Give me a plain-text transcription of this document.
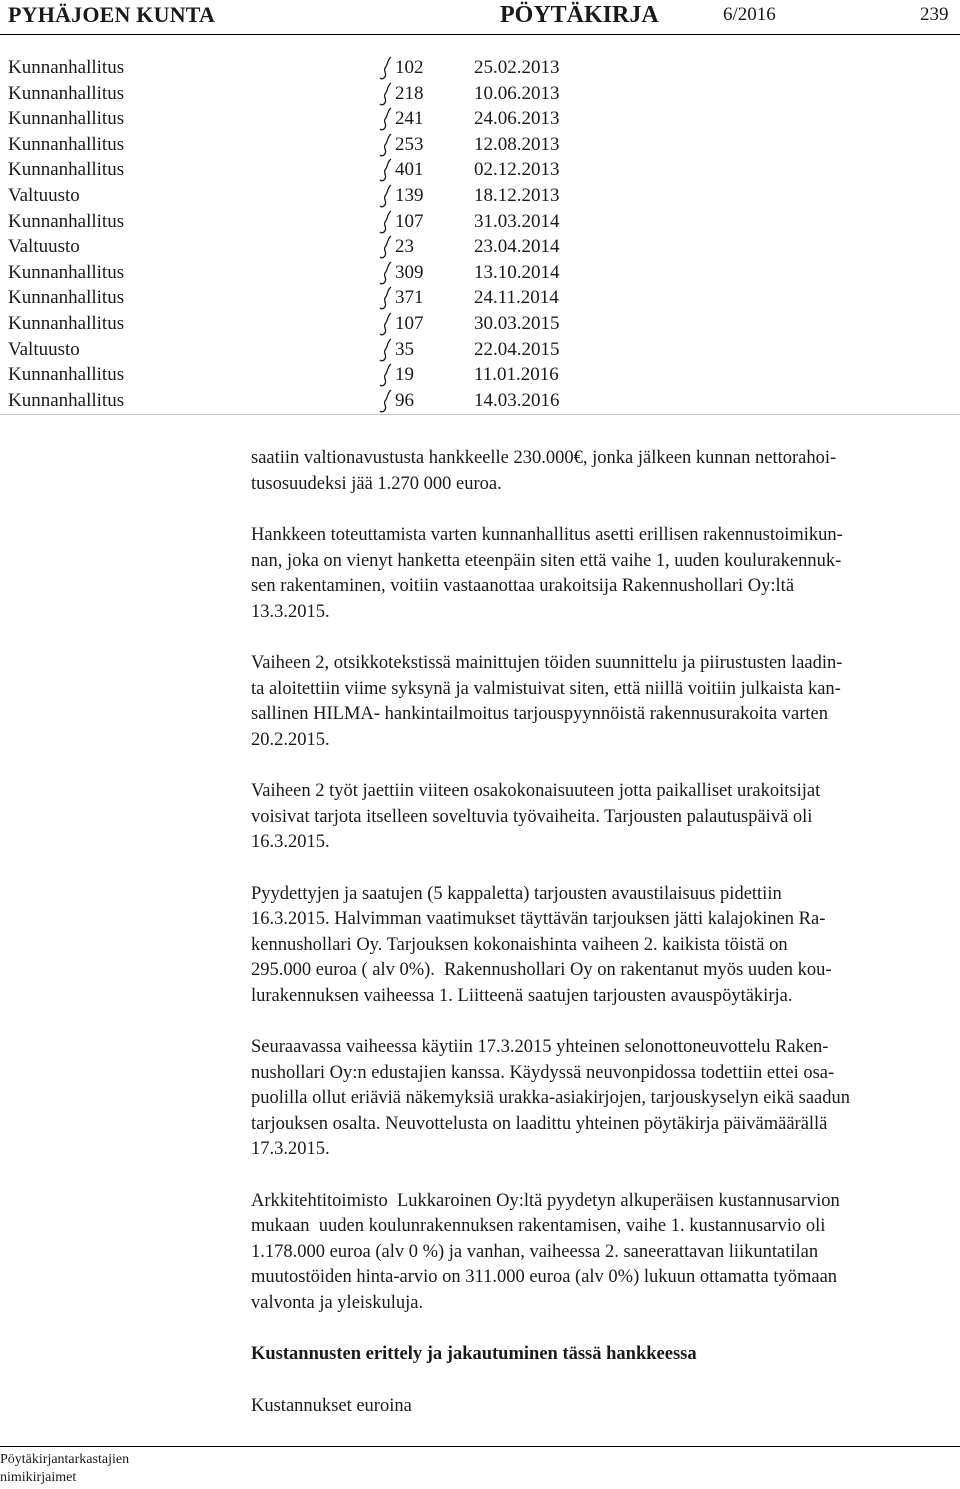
PYHÄJOEN KUNTA	PÖYTÄKIRJA	6/2016	239
Kunnanhallitus	102	25.02.2013
Kunnanhallitus	218	10.06.2013
Kunnanhallitus	241	24.06.2013
Kunnanhallitus	253	12.08.2013
Kunnanhallitus	401	02.12.2013
Valtuusto	139	18.12.2013
Kunnanhallitus	107	31.03.2014
Valtuusto	23	23.04.2014
Kunnanhallitus	309	13.10.2014
Kunnanhallitus	371	24.11.2014
Kunnanhallitus	107	30.03.2015
Valtuusto	35	22.04.2015
Kunnanhallitus	19	11.01.2016
Kunnanhallitus	96	14.03.2016

saatiin valtionavustusta hankkeelle 230.000€, jonka jälkeen kunnan nettorahoi-
tusosuudeksi jää 1.270 000 euroa.

Hankkeen toteuttamista varten kunnanhallitus asetti erillisen rakennustoimikun-
nan, joka on vienyt hanketta eteenpäin siten että vaihe 1, uuden koulurakennuk-
sen rakentaminen, voitiin vastaanottaa urakoitsija Rakennushollari Oy:ltä
13.3.2015.

Vaiheen 2, otsikkotekstissä mainittujen töiden suunnittelu ja piirustusten laadin-
ta aloitettiin viime syksynä ja valmistuivat siten, että niillä voitiin julkaista kan-
sallinen HILMA- hankintailmoitus tarjouspyynnöistä rakennusurakoita varten
20.2.2015.

Vaiheen 2 työt jaettiin viiteen osakokonaisuuteen jotta paikalliset urakoitsijat
voisivat tarjota itselleen soveltuvia työvaiheita. Tarjousten palautuspäivä oli
16.3.2015.

Pyydettyjen ja saatujen (5 kappaletta) tarjousten avaustilaisuus pidettiin
16.3.2015. Halvimman vaatimukset täyttävän tarjouksen jätti kalajokinen Ra-
kennushollari Oy. Tarjouksen kokonaishinta vaiheen 2. kaikista töistä on
295.000 euroa ( alv 0%).  Rakennushollari Oy on rakentanut myös uuden kou-
lurakennuksen vaiheessa 1. Liitteenä saatujen tarjousten avauspöytäkirja.

Seuraavassa vaiheessa käytiin 17.3.2015 yhteinen selonottoneuvottelu Raken-
nushollari Oy:n edustajien kanssa. Käydyssä neuvonpidossa todettiin ettei osa-
puolilla ollut eriäviä näkemyksiä urakka-asiakirjojen, tarjouskyselyn eikä saadun
tarjouksen osalta. Neuvottelusta on laadittu yhteinen pöytäkirja päivämäärällä
17.3.2015.

Arkkitehtitoimisto  Lukkaroinen Oy:ltä pyydetyn alkuperäisen kustannusarvion
mukaan  uuden koulunrakennuksen rakentamisen, vaihe 1. kustannusarvio oli
1.178.000 euroa (alv 0 %) ja vanhan, vaiheessa 2. saneerattavan liikuntatilan
muutostöiden hinta-arvio on 311.000 euroa (alv 0%) lukuun ottamatta työmaan
valvonta ja yleiskuluja.

Kustannusten erittely ja jakautuminen tässä hankkeessa

Kustannukset euroina

Pöytäkirjantarkastajien
nimikirjaimet
